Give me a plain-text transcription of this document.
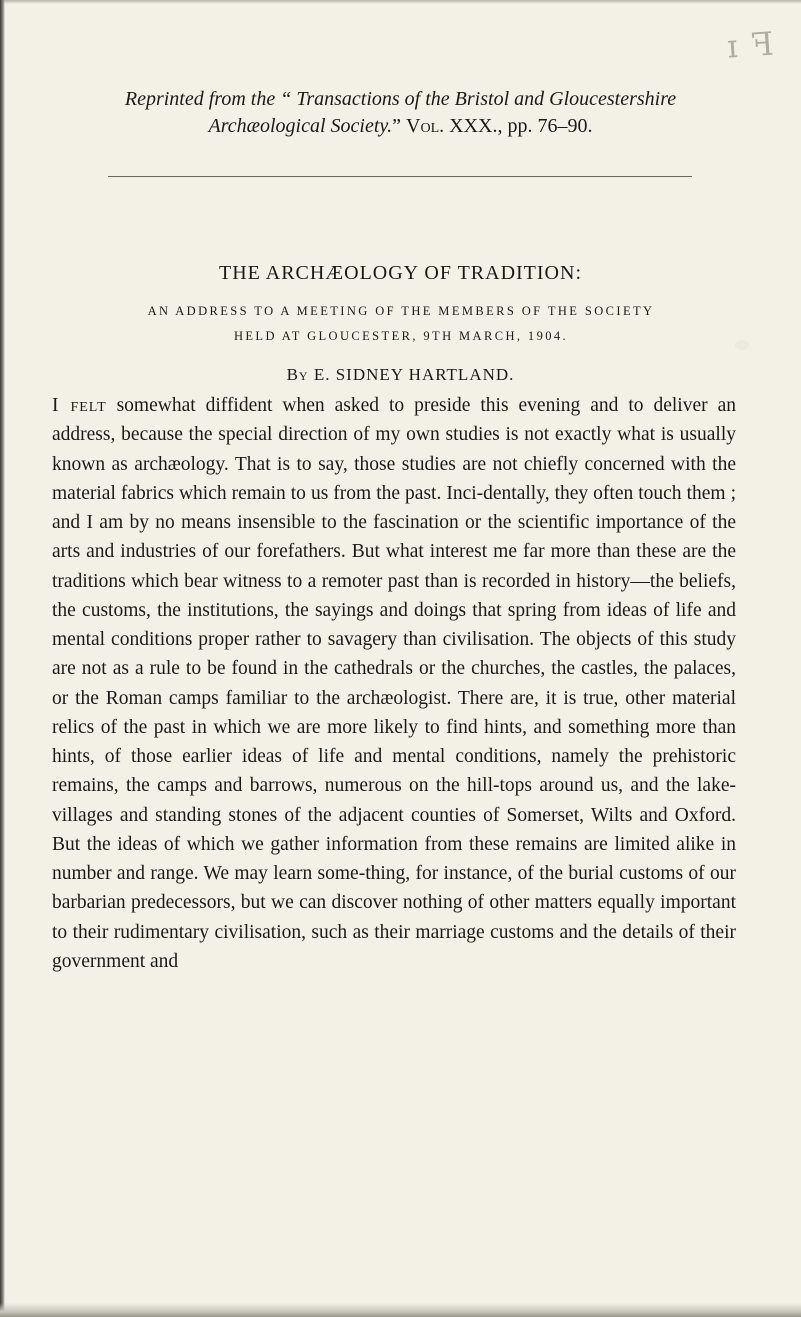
ɪ ꟻ
Reprinted from the “ Transactions of the Bristol and Gloucestershire
Archæological Society.” Vol. XXX., pp. 76–90.
THE ARCHÆOLOGY OF TRADITION:
AN ADDRESS TO A MEETING OF THE MEMBERS OF THE SOCIETY
HELD AT GLOUCESTER, 9TH MARCH, 1904.
By E. SIDNEY HARTLAND.

I felt somewhat diffident when asked to preside this evening and to deliver an address, because the special direction of my own studies is not exactly what is usually known as archæology. That is to say, those studies are not chiefly concerned with the material fabrics which remain to us from the past. Inci-dentally, they often touch them ; and I am by no means insensible to the fascination or the scientific importance of the arts and industries of our forefathers. But what interest me far more than these are the traditions which bear witness to a remoter past than is recorded in history—the beliefs, the customs, the institutions, the sayings and doings that spring from ideas of life and mental conditions proper rather to savagery than civilisation. The objects of this study are not as a rule to be found in the cathedrals or the churches, the castles, the palaces, or the Roman camps familiar to the archæologist. There are, it is true, other material relics of the past in which we are more likely to find hints, and something more than hints, of those earlier ideas of life and mental conditions, namely the prehistoric remains, the camps and barrows, numerous on the hill-tops around us, and the lake-villages and standing stones of the adjacent counties of Somerset, Wilts and Oxford. But the ideas of which we gather information from these remains are limited alike in number and range. We may learn some-thing, for instance, of the burial customs of our barbarian predecessors, but we can discover nothing of other matters equally important to their rudimentary civilisation, such as their marriage customs and the details of their government and
